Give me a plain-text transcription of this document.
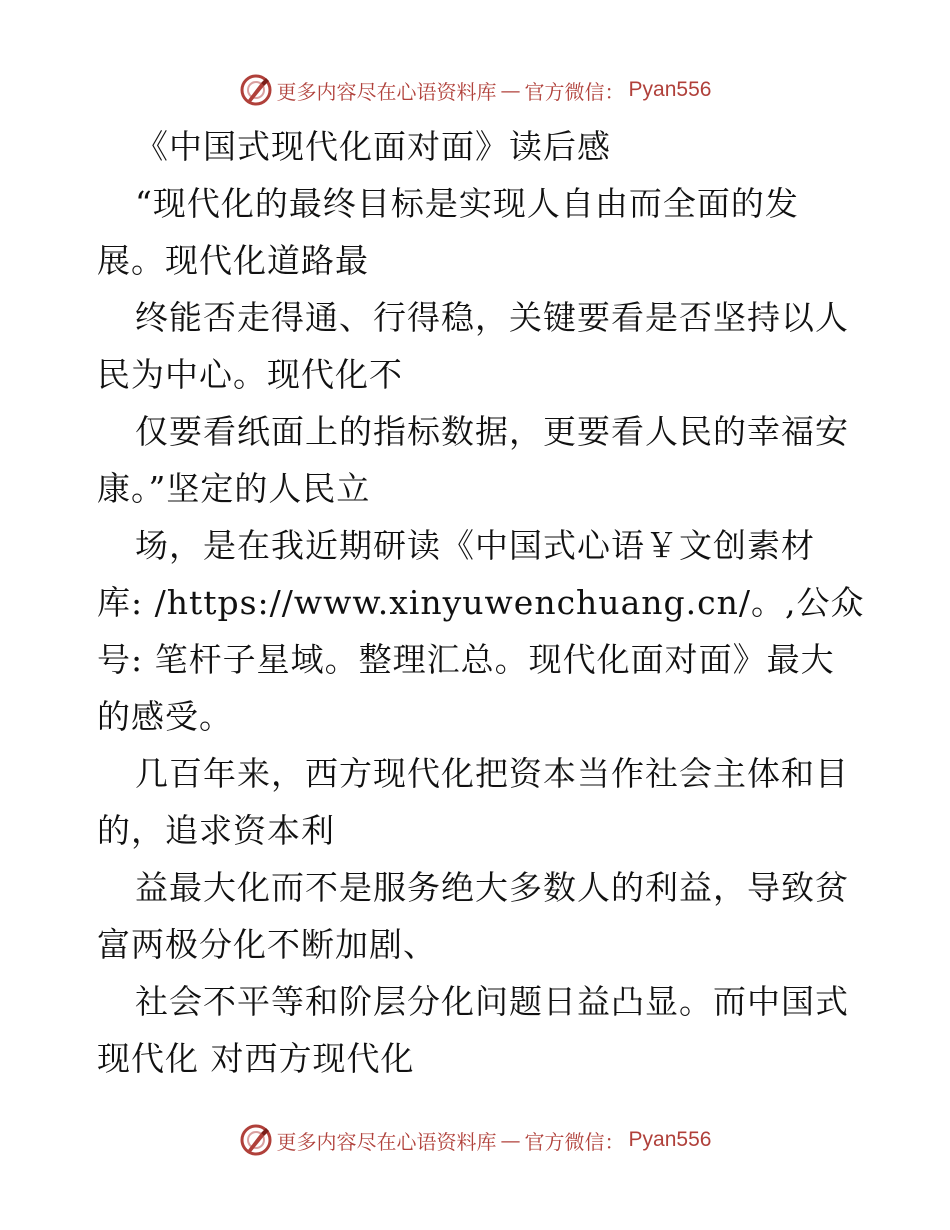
更多内容尽在心语资料库 — 官方微信： Pyan556
《中国式现代化面对面》读后感
“现代化的最终目标是实现人自由而全面的发
展。现代化道路最
终能否走得通、行得稳，关键要看是否坚持以人
民为中心。现代化不
仅要看纸面上的指标数据，更要看人民的幸福安
康。”坚定的人民立
场，是在我近期研读《中国式心语￥文创素材
库: /https://www.xinyuwenchuang.cn/。,公众
号: 笔杆子星域。整理汇总。现代化面对面》最大
的感受。
几百年来，西方现代化把资本当作社会主体和目
的，追求资本利
益最大化而不是服务绝大多数人的利益，导致贫
富两极分化不断加剧、
社会不平等和阶层分化问题日益凸显。而中国式
现代化 对西方现代化
更多内容尽在心语资料库 — 官方微信： Pyan556
